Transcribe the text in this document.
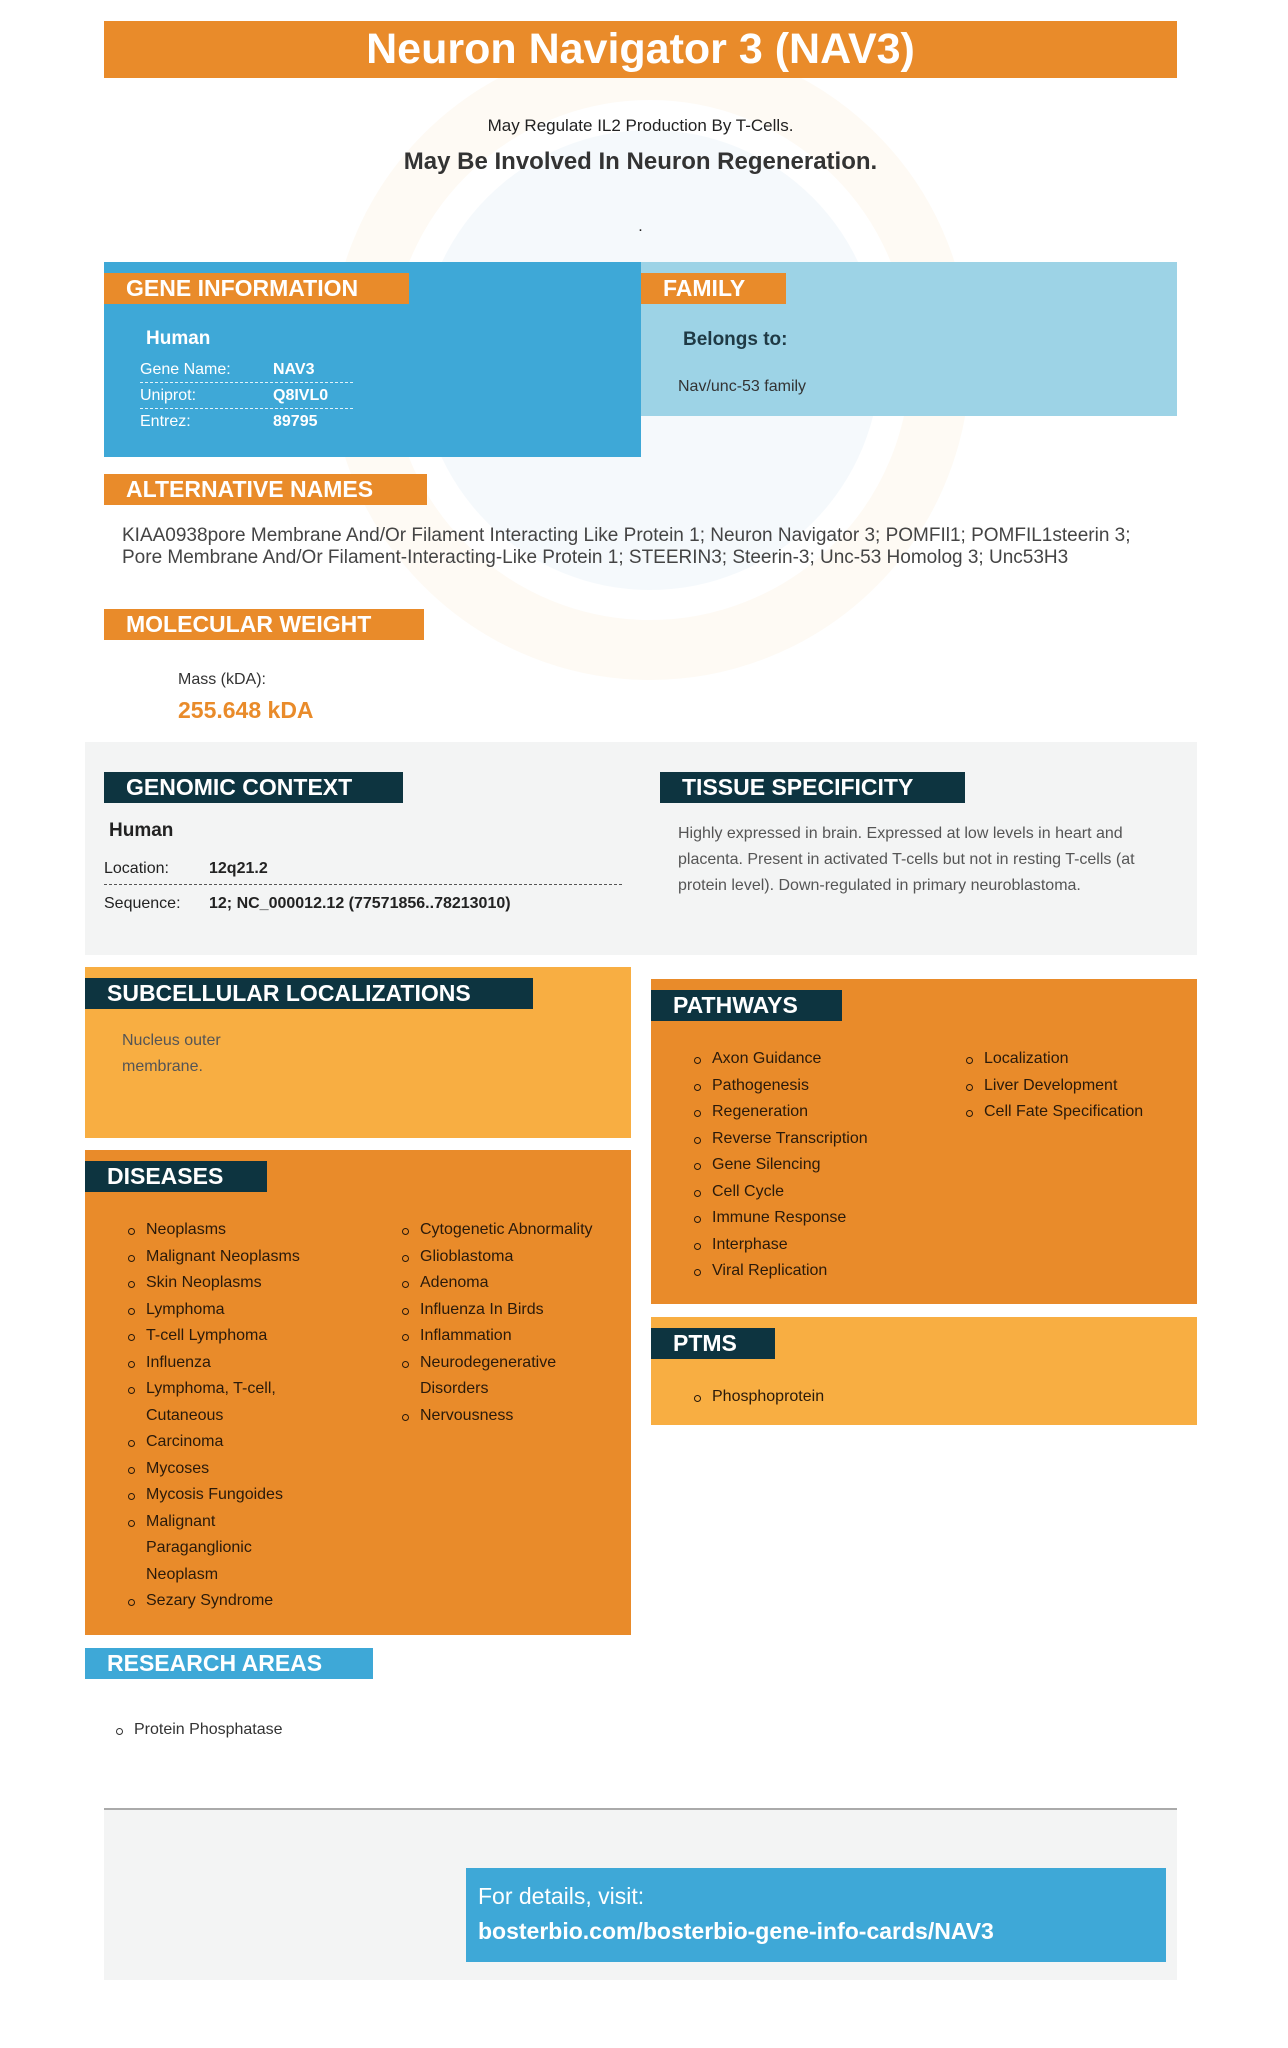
Neuron Navigator 3 (NAV3)
May Regulate IL2 Production By T-Cells.
May Be Involved In Neuron Regeneration.
.
GENE INFORMATION
Human
Gene Name:	NAV3
Uniprot:	Q8IVL0
Entrez:	89795
FAMILY
Belongs to:
Nav/unc-53 family
ALTERNATIVE NAMES
KIAA0938pore Membrane And/Or Filament Interacting Like Protein 1; Neuron Navigator 3; POMFIl1; POMFIL1steerin 3; Pore Membrane And/Or Filament-Interacting-Like Protein 1; STEERIN3; Steerin-3; Unc-53 Homolog 3; Unc53H3
MOLECULAR WEIGHT
Mass (kDA):
255.648 kDA
GENOMIC CONTEXT
Human
Location:	12q21.2
Sequence: 12; NC_000012.12 (77571856..78213010)
TISSUE SPECIFICITY
Highly expressed in brain. Expressed at low levels in heart and placenta. Present in activated T-cells but not in resting T-cells (at protein level). Down-regulated in primary neuroblastoma.
SUBCELLULAR LOCALIZATIONS
Nucleus outer membrane.
DISEASES
Neoplasms
Malignant Neoplasms
Skin Neoplasms
Lymphoma
T-cell Lymphoma
Influenza
Lymphoma, T-cell, Cutaneous
Carcinoma
Mycoses
Mycosis Fungoides
Malignant Paraganglionic Neoplasm
Sezary Syndrome
Cytogenetic Abnormality
Glioblastoma
Adenoma
Influenza In Birds
Inflammation
Neurodegenerative Disorders
Nervousness
PATHWAYS
Axon Guidance
Pathogenesis
Regeneration
Reverse Transcription
Gene Silencing
Cell Cycle
Immune Response
Interphase
Viral Replication
Localization
Liver Development
Cell Fate Specification
PTMS
Phosphoprotein
RESEARCH AREAS
Protein Phosphatase
For details, visit:
bosterbio.com/bosterbio-gene-info-cards/NAV3
